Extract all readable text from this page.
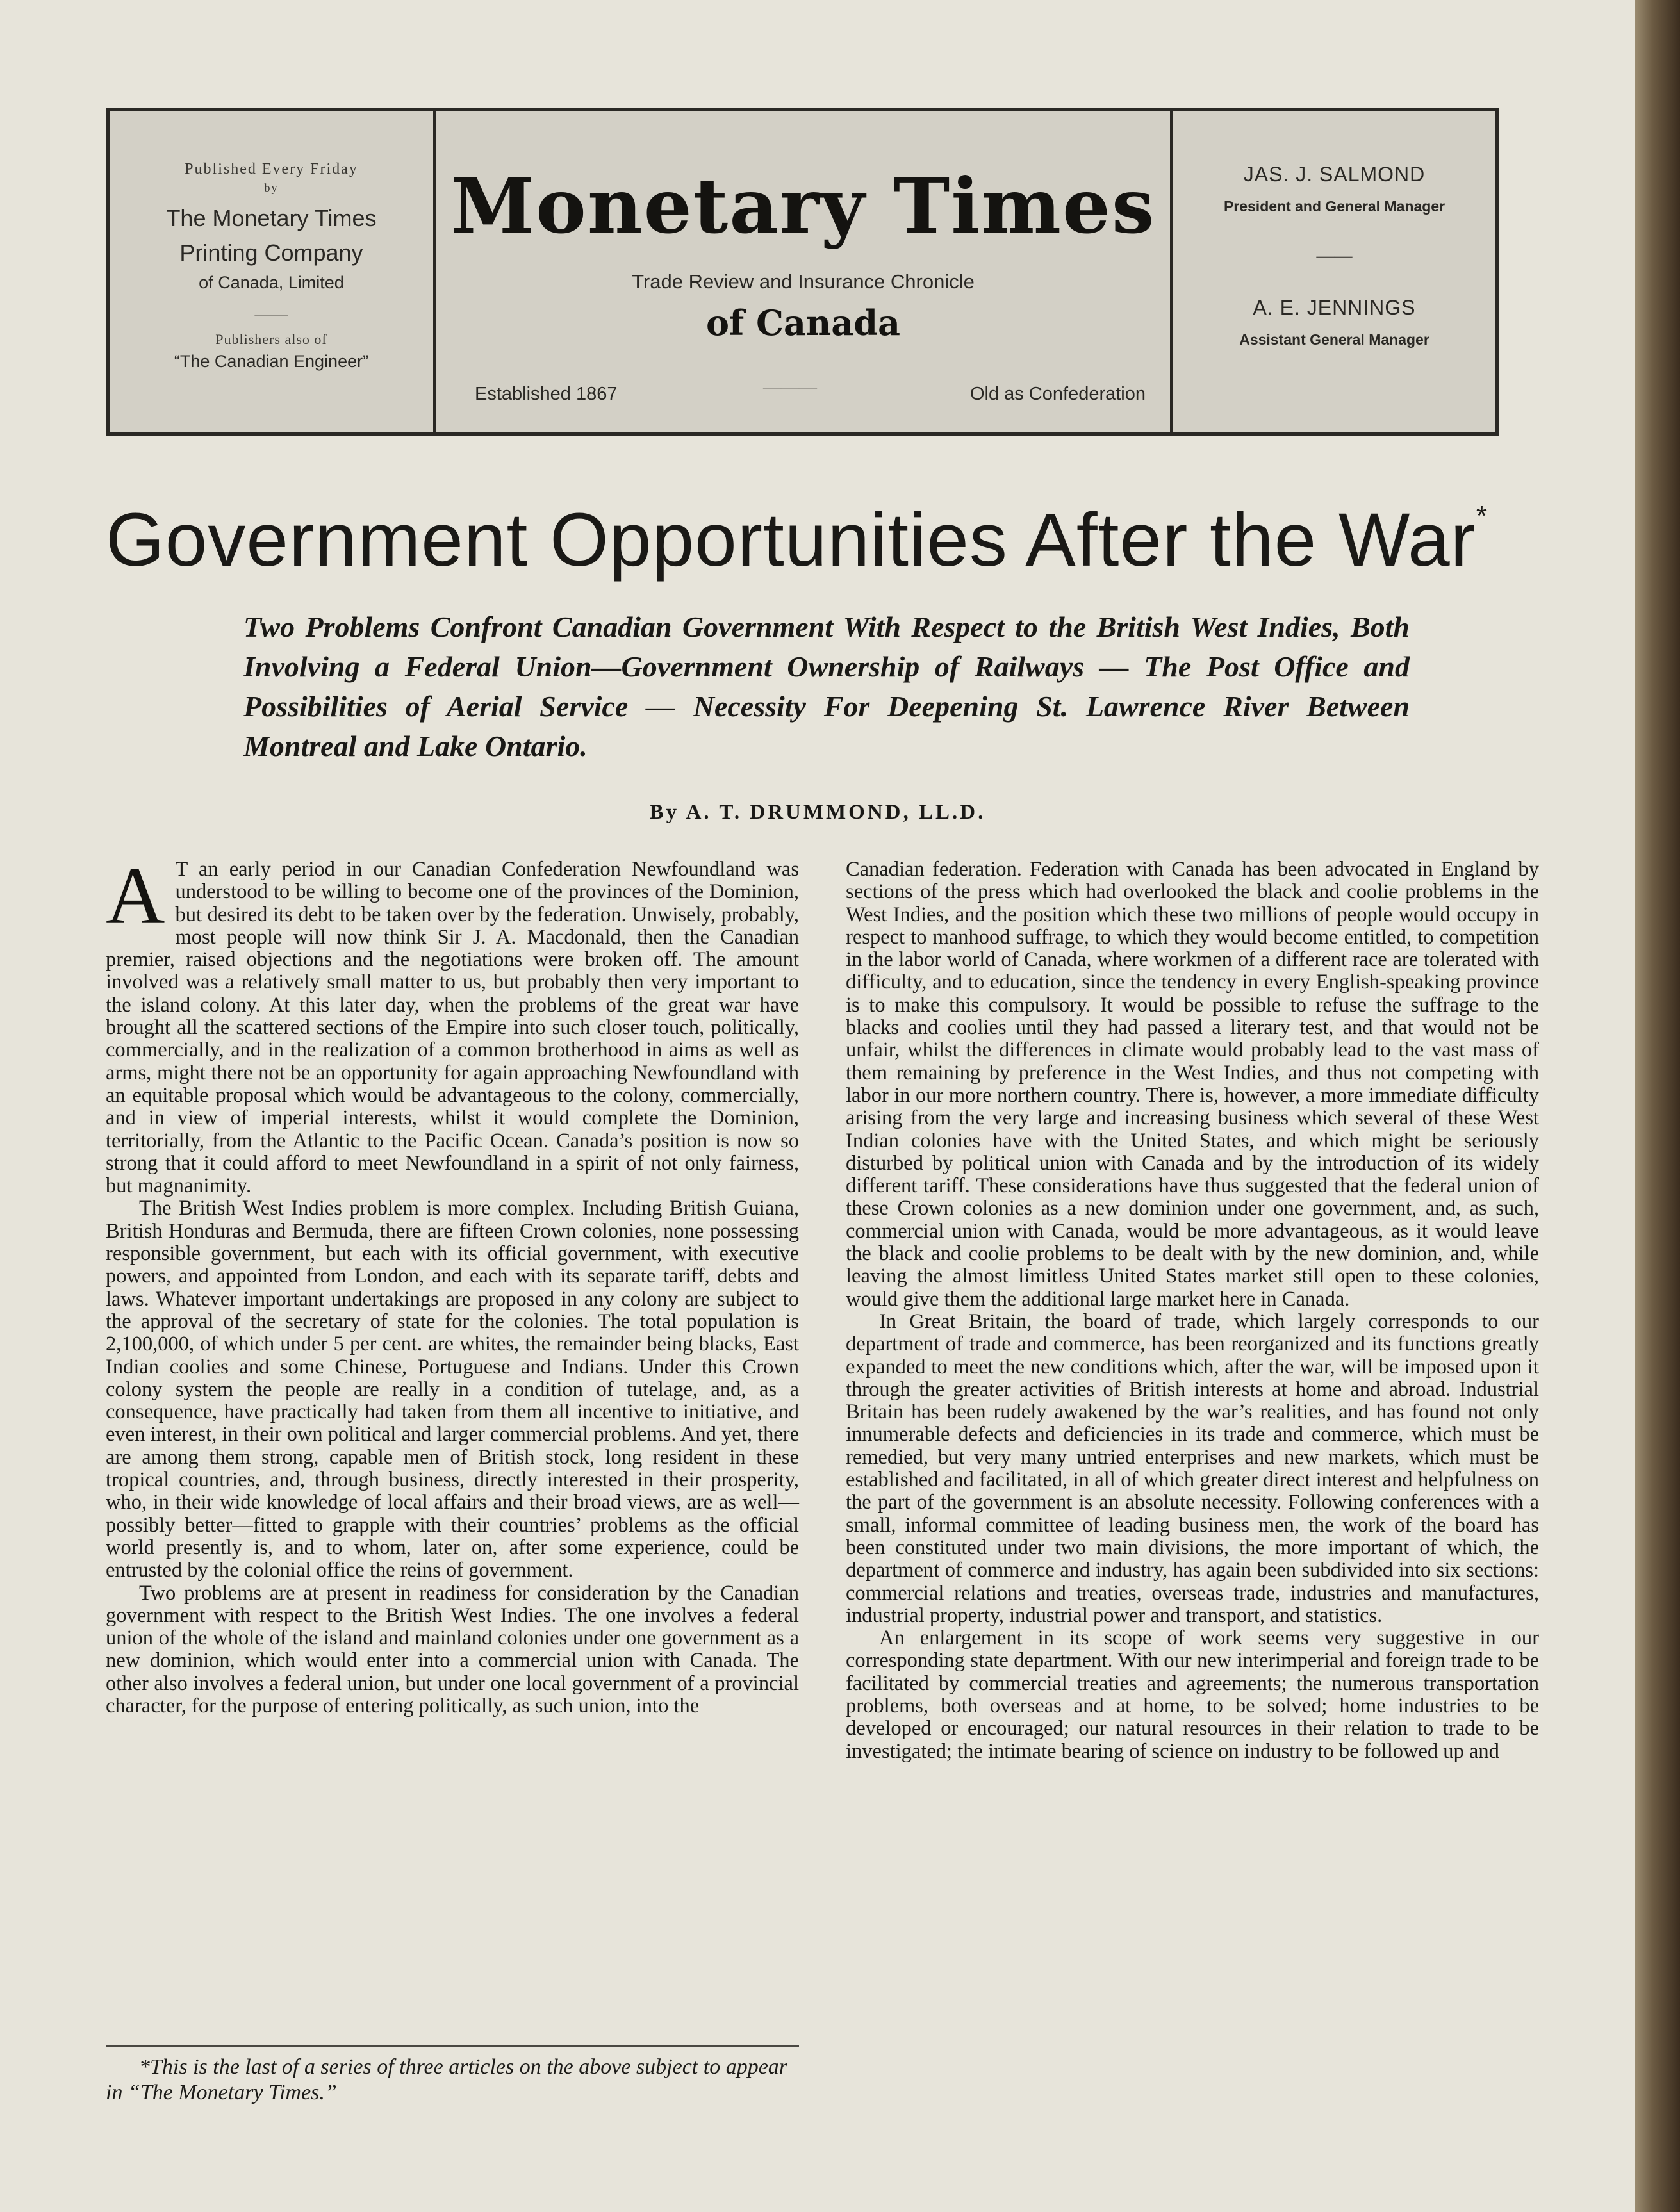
Published Every Friday
by
The Monetary Times
Printing Company
of Canada, Limited
——
Publishers also of
“The Canadian Engineer”
Monetary Times
Trade Review and Insurance Chronicle
of Canada
Established 1867	———	Old as Confederation
JAS. J. SALMOND
President and General Manager
——
A. E. JENNINGS
Assistant General Manager
Government Opportunities After the War*

Two Problems Confront Canadian Government With Respect to the British West Indies, Both Involving a Federal Union—Government Ownership of Railways — The Post Office and Possibilities of Aerial Service — Necessity For Deepening St. Lawrence River Between Montreal and Lake Ontario.

By A. T. DRUMMOND, LL.D.

A T an early period in our Canadian Confederation Newfoundland was understood to be willing to become one of the provinces of the Dominion, but desired its debt to be taken over by the federation. Unwisely, probably, most people will now think Sir J. A. Macdonald, then the Canadian premier, raised objections and the negotiations were broken off. The amount involved was a relatively small matter to us, but probably then very important to the island colony. At this later day, when the problems of the great war have brought all the scattered sections of the Empire into such closer touch, politically, commercially, and in the realization of a common brotherhood in aims as well as arms, might there not be an opportunity for again approaching Newfoundland with an equitable proposal which would be advantageous to the colony, commercially, and in view of imperial interests, whilst it would complete the Dominion, territorially, from the Atlantic to the Pacific Ocean. Canada’s position is now so strong that it could afford to meet Newfoundland in a spirit of not only fairness, but magnanimity.

The British West Indies problem is more complex. Including British Guiana, British Honduras and Bermuda, there are fifteen Crown colonies, none possessing responsible government, but each with its official government, with executive powers, and appointed from London, and each with its separate tariff, debts and laws. Whatever important undertakings are proposed in any colony are subject to the approval of the secretary of state for the colonies. The total population is 2,100,000, of which under 5 per cent. are whites, the remainder being blacks, East Indian coolies and some Chinese, Portuguese and Indians. Under this Crown colony system the people are really in a condition of tutelage, and, as a consequence, have practically had taken from them all incentive to initiative, and even interest, in their own political and larger commercial problems. And yet, there are among them strong, capable men of British stock, long resident in these tropical countries, and, through business, directly interested in their prosperity, who, in their wide knowledge of local affairs and their broad views, are as well—possibly better—fitted to grapple with their countries’ problems as the official world presently is, and to whom, later on, after some experience, could be entrusted by the colonial office the reins of government.

Two problems are at present in readiness for consideration by the Canadian government with respect to the British West Indies. The one involves a federal union of the whole of the island and mainland colonies under one government as a new dominion, which would enter into a commercial union with Canada. The other also involves a federal union, but under one local government of a provincial character, for the purpose of entering politically, as such union, into the

*This is the last of a series of three articles on the above subject to appear in “The Monetary Times.”

Canadian federation. Federation with Canada has been advocated in England by sections of the press which had overlooked the black and coolie problems in the West Indies, and the position which these two millions of people would occupy in respect to manhood suffrage, to which they would become entitled, to competition in the labor world of Canada, where workmen of a different race are tolerated with difficulty, and to education, since the tendency in every English-speaking province is to make this compulsory. It would be possible to refuse the suffrage to the blacks and coolies until they had passed a literary test, and that would not be unfair, whilst the differences in climate would probably lead to the vast mass of them remaining by preference in the West Indies, and thus not competing with labor in our more northern country. There is, however, a more immediate difficulty arising from the very large and increasing business which several of these West Indian colonies have with the United States, and which might be seriously disturbed by political union with Canada and by the introduction of its widely different tariff. These considerations have thus suggested that the federal union of these Crown colonies as a new dominion under one government, and, as such, commercial union with Canada, would be more advantageous, as it would leave the black and coolie problems to be dealt with by the new dominion, and, while leaving the almost limitless United States market still open to these colonies, would give them the additional large market here in Canada.

In Great Britain, the board of trade, which largely corresponds to our department of trade and commerce, has been reorganized and its functions greatly expanded to meet the new conditions which, after the war, will be imposed upon it through the greater activities of British interests at home and abroad. Industrial Britain has been rudely awakened by the war’s realities, and has found not only innumerable defects and deficiencies in its trade and commerce, which must be remedied, but very many untried enterprises and new markets, which must be established and facilitated, in all of which greater direct interest and helpfulness on the part of the government is an absolute necessity. Following conferences with a small, informal committee of leading business men, the work of the board has been constituted under two main divisions, the more important of which, the department of commerce and industry, has again been subdivided into six sections: commercial relations and treaties, overseas trade, industries and manufactures, industrial property, industrial power and transport, and statistics.

An enlargement in its scope of work seems very suggestive in our corresponding state department. With our new interimperial and foreign trade to be facilitated by commercial treaties and agreements; the numerous transportation problems, both overseas and at home, to be solved; home industries to be developed or encouraged; our natural resources in their relation to trade to be investigated; the intimate bearing of science on industry to be followed up and
